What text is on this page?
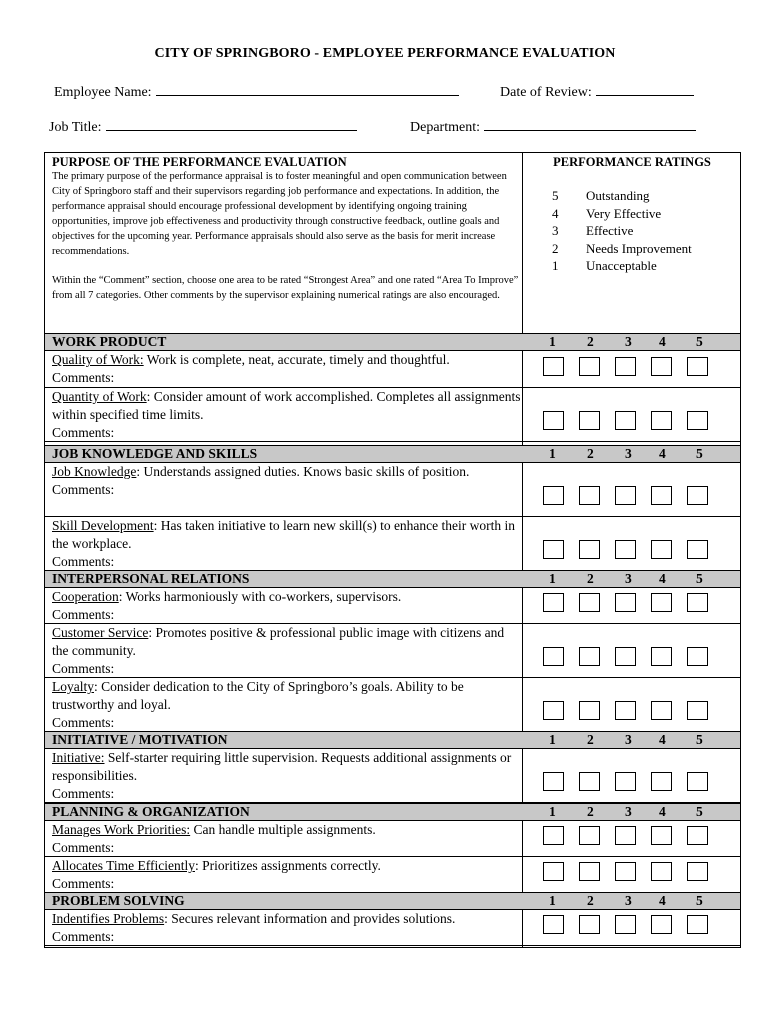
CITY OF SPRINGBORO - EMPLOYEE PERFORMANCE EVALUATION
Employee Name:	Date of Review:
Job Title:	Department:
PURPOSE OF THE PERFORMANCE EVALUATION

The primary purpose of the performance appraisal is to foster meaningful and open communication between City of Springboro staff and their supervisors regarding job performance and expectations. In addition, the performance appraisal should encourage professional development by identifying ongoing training opportunities, improve job effectiveness and productivity through constructive feedback, outline goals and objectives for the upcoming year. Performance appraisals should also serve as the basis for merit increase recommendations.

Within the “Comment” section, choose one area to be rated “Strongest Area” and one rated “Area To Improve” from all 7 categories. Other comments by the supervisor explaining numerical ratings are also encouraged.

PERFORMANCE RATINGS
5	Outstanding
4	Very Effective
3	Effective
2	Needs Improvement
1	Unacceptable
WORK PRODUCT	1 2 3 4 5
Quality of Work: Work is complete, neat, accurate, timely and thoughtful.
Comments:
Quantity of Work: Consider amount of work accomplished. Completes all assignments within specified time limits.
Comments:
JOB KNOWLEDGE AND SKILLS	1 2 3 4 5
Job Knowledge: Understands assigned duties. Knows basic skills of position.
Comments:
Skill Development: Has taken initiative to learn new skill(s) to enhance their worth in the workplace.
Comments:
INTERPERSONAL RELATIONS	1 2 3 4 5
Cooperation: Works harmoniously with co-workers, supervisors.
Comments:
Customer Service: Promotes positive & professional public image with citizens and the community.
Comments:
Loyalty: Consider dedication to the City of Springboro’s goals. Ability to be trustworthy and loyal.
Comments:
INITIATIVE / MOTIVATION	1 2 3 4 5
Initiative: Self-starter requiring little supervision. Requests additional assignments or responsibilities.
Comments:
PLANNING & ORGANIZATION	1 2 3 4 5
Manages Work Priorities: Can handle multiple assignments.
Comments:
Allocates Time Efficiently: Prioritizes assignments correctly.
Comments:
PROBLEM SOLVING	1 2 3 4 5
Indentifies Problems: Secures relevant information and provides solutions.
Comments:
